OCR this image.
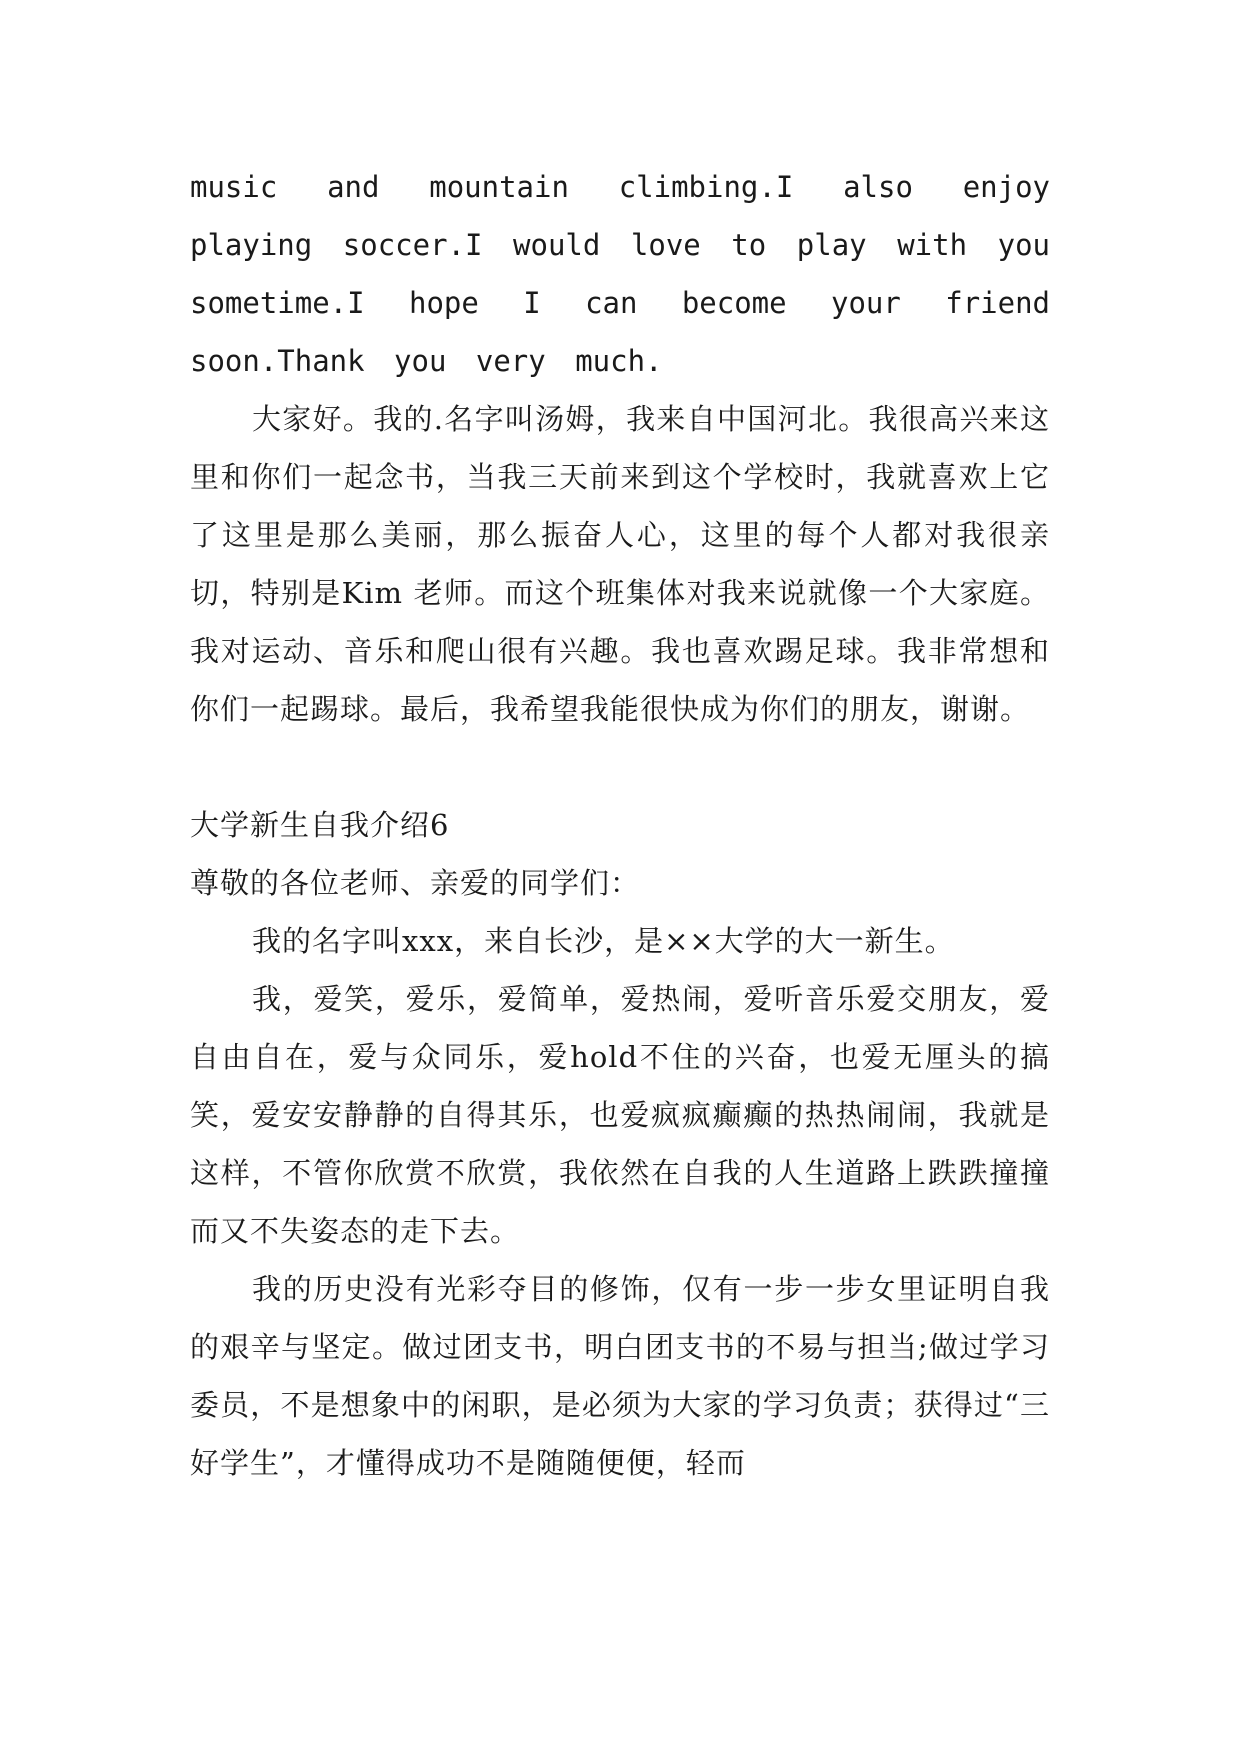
music and mountain climbing.I also enjoy playing soccer.I would love to play with you sometime.I hope I can become your friend soon.Thank you very much.

大家好。我的.名字叫汤姆，我来自中国河北。我很高兴来这里和你们一起念书，当我三天前来到这个学校时，我就喜欢上它了这里是那么美丽，那么振奋人心，这里的每个人都对我很亲切，特别是Kim 老师。而这个班集体对我来说就像一个大家庭。我对运动、音乐和爬山很有兴趣。我也喜欢踢足球。我非常想和你们一起踢球。最后，我希望我能很快成为你们的朋友，谢谢。

大学新生自我介绍6

尊敬的各位老师、亲爱的同学们：

我的名字叫xxx，来自长沙，是××大学的大一新生。

我，爱笑，爱乐，爱简单，爱热闹，爱听音乐爱交朋友，爱自由自在，爱与众同乐，爱hold不住的兴奋，也爱无厘头的搞笑，爱安安静静的自得其乐，也爱疯疯癫癫的热热闹闹，我就是这样，不管你欣赏不欣赏，我依然在自我的人生道路上跌跌撞撞而又不失姿态的走下去。

我的历史没有光彩夺目的修饰，仅有一步一步女里证明自我的艰辛与坚定。做过团支书，明白团支书的不易与担当;做过学习委员，不是想象中的闲职，是必须为大家的学习负责；获得过“三好学生”，才懂得成功不是随随便便，轻而
